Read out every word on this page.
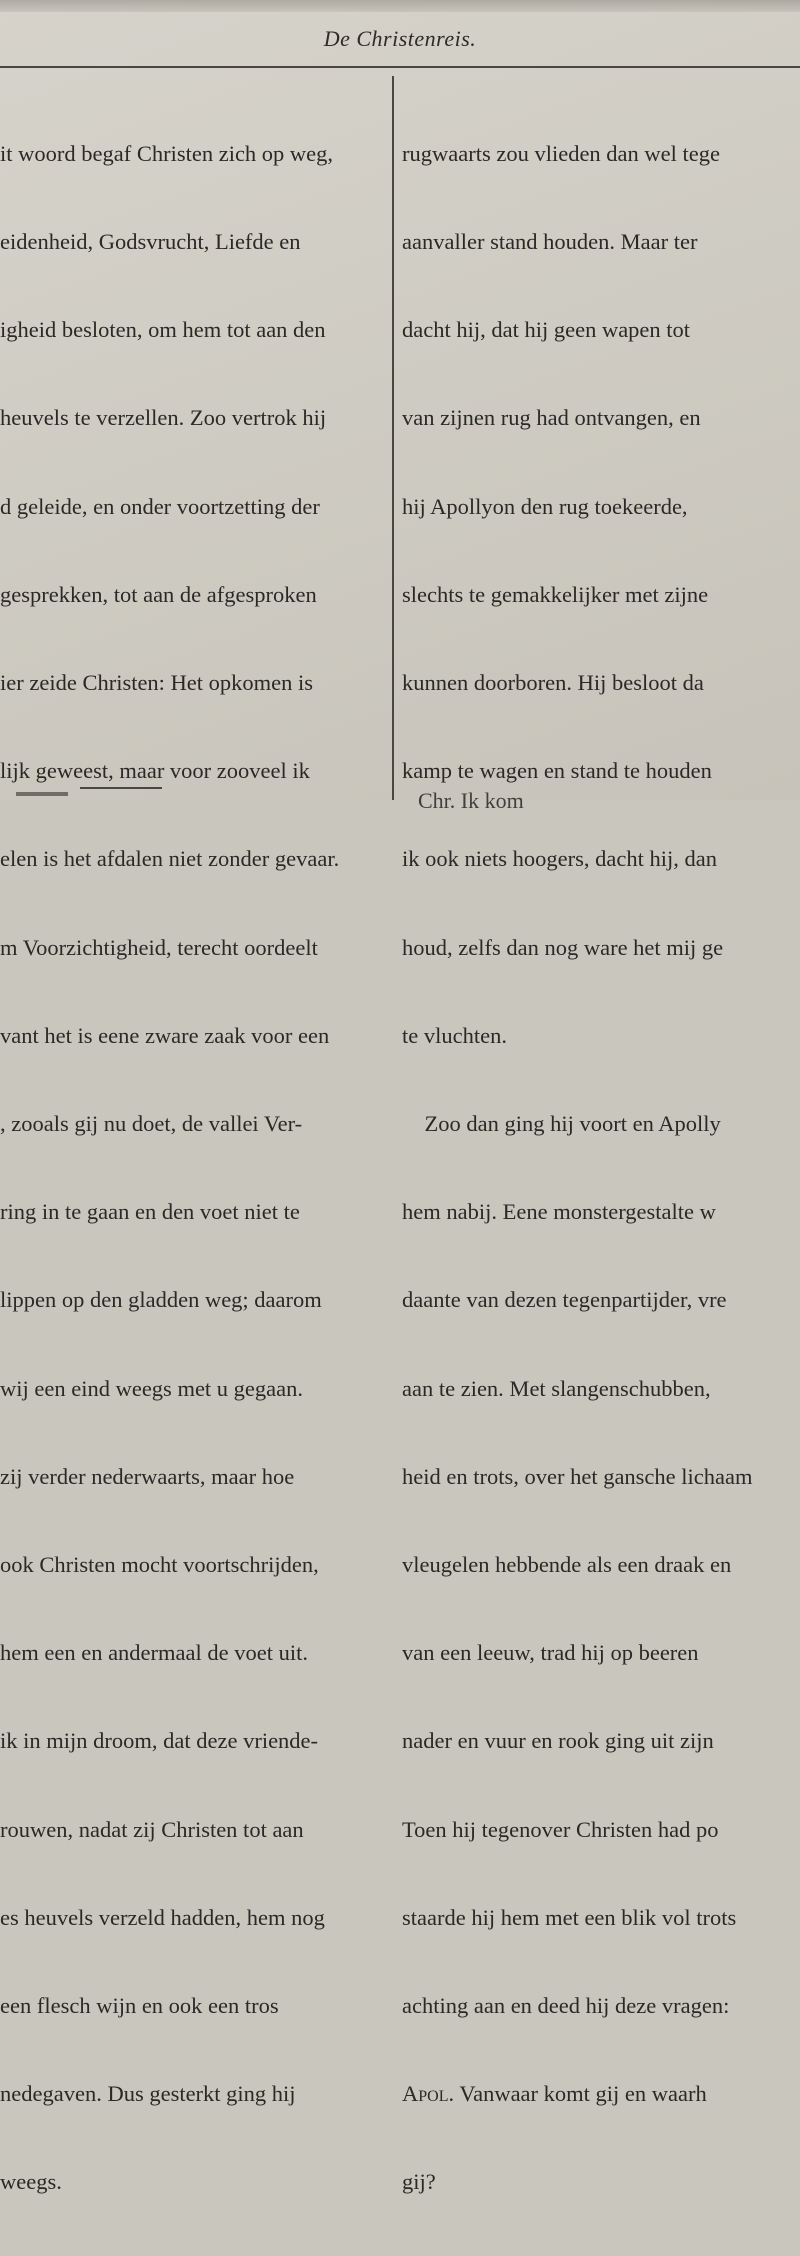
De Christenreis.

it woord begaf Christen zich op weg,

eidenheid, Godsvrucht, Liefde en

igheid besloten, om hem tot aan den

heuvels te verzellen. Zoo vertrok hij

d geleide, en onder voortzetting der

gesprekken, tot aan de afgesproken

ier zeide Christen: Het opkomen is

lijk geweest, maar voor zooveel ik

elen is het afdalen niet zonder gevaar.

m Voorzichtigheid, terecht oordeelt

vant het is eene zware zaak voor een

, zooals gij nu doet, de vallei Ver-

ring in te gaan en den voet niet te

lippen op den gladden weg; daarom

wij een eind weegs met u gegaan.

zij verder nederwaarts, maar hoe

ook Christen mocht voortschrijden,

hem een en andermaal de voet uit.

ik in mijn droom, dat deze vriende-

rouwen, nadat zij Christen tot aan

es heuvels verzeld hadden, hem nog

een flesch wijn en ook een tros

nedegaven. Dus gesterkt ging hij

weegs.

rugwaarts zou vlieden dan wel tege

aanvaller stand houden. Maar ter

dacht hij, dat hij geen wapen tot

van zijnen rug had ontvangen, en

hij Apollyon den rug toekeerde,

slechts te gemakkelijker met zijne

kunnen doorboren. Hij besloot da

kamp te wagen en stand te houden

ik ook niets hoogers, dacht hij, dan

houd, zelfs dan nog ware het mij ge

te vluchten.

Zoo dan ging hij voort en Apolly

hem nabij. Eene monstergestalte w

daante van dezen tegenpartijder, vre

aan te zien. Met slangenschubben,

heid en trots, over het gansche lichaam

vleugelen hebbende als een draak en

van een leeuw, trad hij op beeren

nader en vuur en rook ging uit zijn

Toen hij tegenover Christen had po

staarde hij hem met een blik vol trots

achting aan en deed hij deze vragen:

Apol. Vanwaar komt gij en waarh

gij?

Chr. Ik kom
